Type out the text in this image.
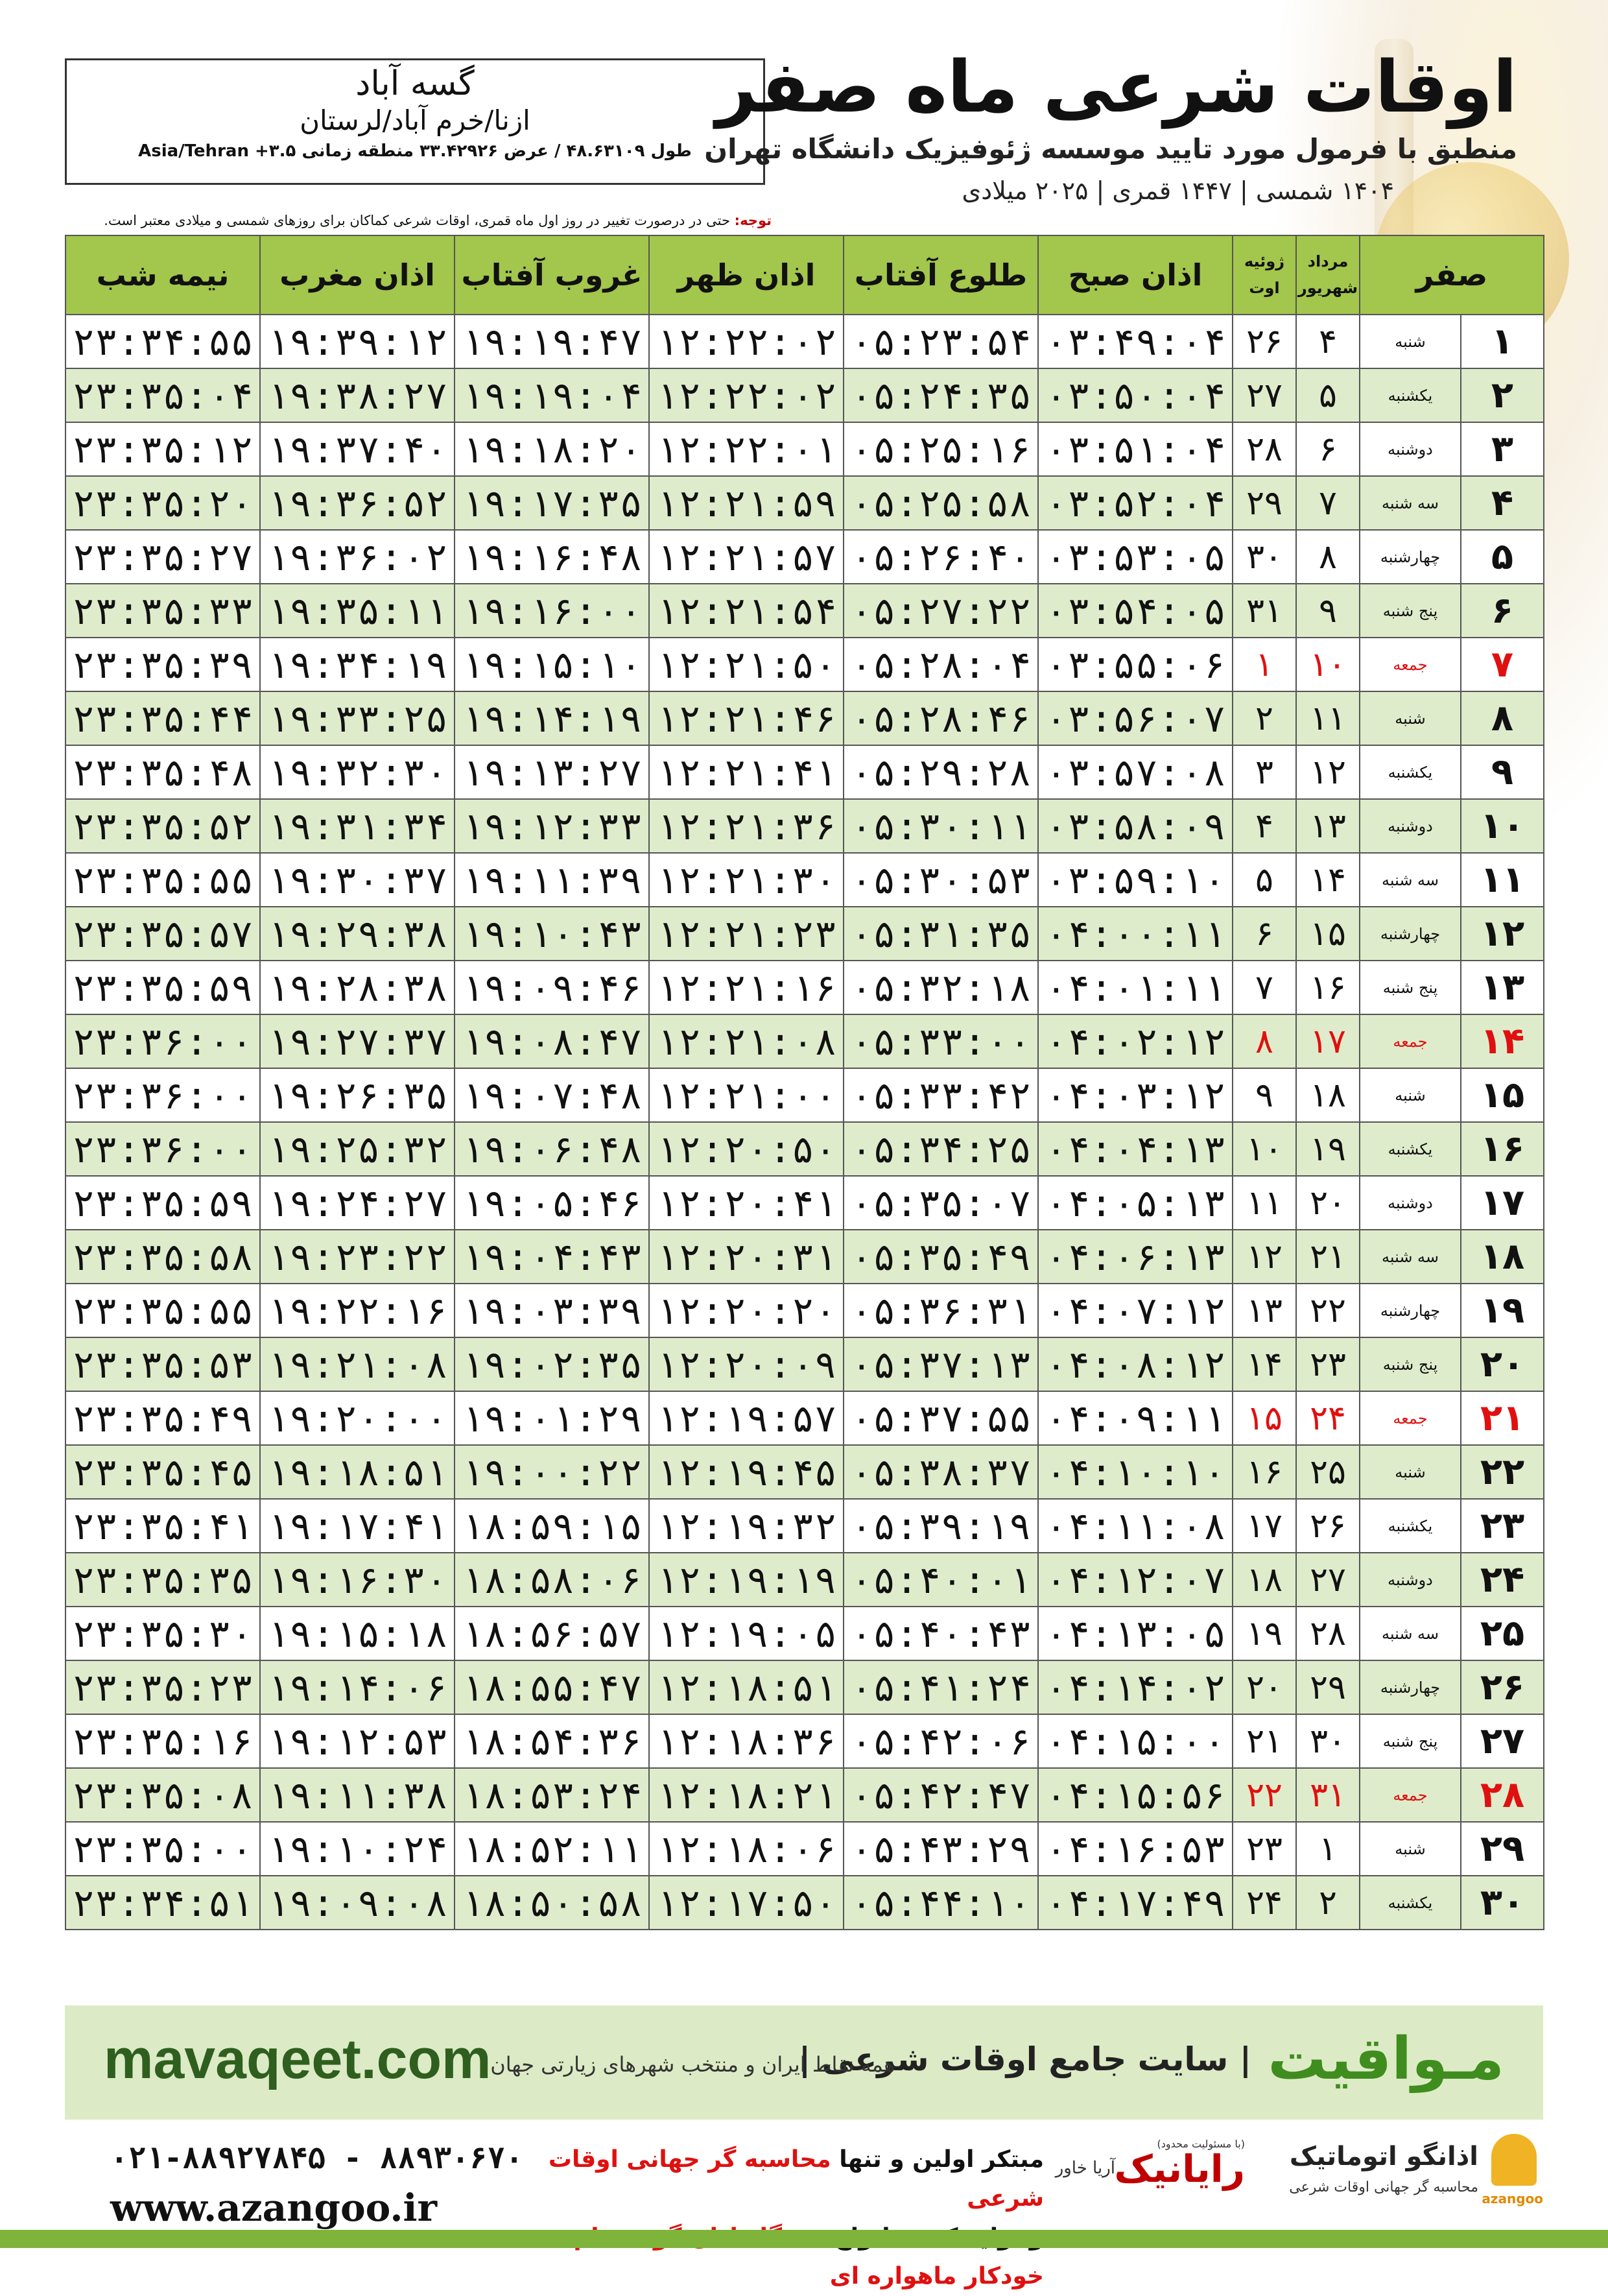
گسه آباد
ازنا/خرم آباد/لرستان
طول ۴۸.۶۳۱۰۹ / عرض ۳۳.۴۲۹۲۶ منطقه زمانی ۳.۵+ Asia/Tehran
اوقات شرعی ماه صفر
منطبق با فرمول مورد تایید موسسه ژئوفیزیک دانشگاه تهران
۱۴۰۴ شمسی | ۱۴۴۷ قمری | ۲۰۲۵ میلادی
توجه: حتی در درصورت تغییر در روز اول ماه قمری، اوقات شرعی کماکان برای روزهای شمسی و میلادی معتبر است.
صفر		مرداد شهریور	ژوئیه اوت	اذان صبح	طلوع آفتاب	اذان ظهر	غروب آفتاب	اذان مغرب	نیمه شب
۱	شنبه	۴	۲۶	۰۳:۴۹:۰۴	۰۵:۲۳:۵۴	۱۲:۲۲:۰۲	۱۹:۱۹:۴۷	۱۹:۳۹:۱۲	۲۳:۳۴:۵۵
۲	یکشنبه	۵	۲۷	۰۳:۵۰:۰۴	۰۵:۲۴:۳۵	۱۲:۲۲:۰۲	۱۹:۱۹:۰۴	۱۹:۳۸:۲۷	۲۳:۳۵:۰۴
۳	دوشنبه	۶	۲۸	۰۳:۵۱:۰۴	۰۵:۲۵:۱۶	۱۲:۲۲:۰۱	۱۹:۱۸:۲۰	۱۹:۳۷:۴۰	۲۳:۳۵:۱۲
۴	سه شنبه	۷	۲۹	۰۳:۵۲:۰۴	۰۵:۲۵:۵۸	۱۲:۲۱:۵۹	۱۹:۱۷:۳۵	۱۹:۳۶:۵۲	۲۳:۳۵:۲۰
۵	چهارشنبه	۸	۳۰	۰۳:۵۳:۰۵	۰۵:۲۶:۴۰	۱۲:۲۱:۵۷	۱۹:۱۶:۴۸	۱۹:۳۶:۰۲	۲۳:۳۵:۲۷
۶	پنج شنبه	۹	۳۱	۰۳:۵۴:۰۵	۰۵:۲۷:۲۲	۱۲:۲۱:۵۴	۱۹:۱۶:۰۰	۱۹:۳۵:۱۱	۲۳:۳۵:۳۳
۷	جمعه	۱۰	۱	۰۳:۵۵:۰۶	۰۵:۲۸:۰۴	۱۲:۲۱:۵۰	۱۹:۱۵:۱۰	۱۹:۳۴:۱۹	۲۳:۳۵:۳۹
۸	شنبه	۱۱	۲	۰۳:۵۶:۰۷	۰۵:۲۸:۴۶	۱۲:۲۱:۴۶	۱۹:۱۴:۱۹	۱۹:۳۳:۲۵	۲۳:۳۵:۴۴
۹	یکشنبه	۱۲	۳	۰۳:۵۷:۰۸	۰۵:۲۹:۲۸	۱۲:۲۱:۴۱	۱۹:۱۳:۲۷	۱۹:۳۲:۳۰	۲۳:۳۵:۴۸
۱۰	دوشنبه	۱۳	۴	۰۳:۵۸:۰۹	۰۵:۳۰:۱۱	۱۲:۲۱:۳۶	۱۹:۱۲:۳۳	۱۹:۳۱:۳۴	۲۳:۳۵:۵۲
۱۱	سه شنبه	۱۴	۵	۰۳:۵۹:۱۰	۰۵:۳۰:۵۳	۱۲:۲۱:۳۰	۱۹:۱۱:۳۹	۱۹:۳۰:۳۷	۲۳:۳۵:۵۵
۱۲	چهارشنبه	۱۵	۶	۰۴:۰۰:۱۱	۰۵:۳۱:۳۵	۱۲:۲۱:۲۳	۱۹:۱۰:۴۳	۱۹:۲۹:۳۸	۲۳:۳۵:۵۷
۱۳	پنج شنبه	۱۶	۷	۰۴:۰۱:۱۱	۰۵:۳۲:۱۸	۱۲:۲۱:۱۶	۱۹:۰۹:۴۶	۱۹:۲۸:۳۸	۲۳:۳۵:۵۹
۱۴	جمعه	۱۷	۸	۰۴:۰۲:۱۲	۰۵:۳۳:۰۰	۱۲:۲۱:۰۸	۱۹:۰۸:۴۷	۱۹:۲۷:۳۷	۲۳:۳۶:۰۰
۱۵	شنبه	۱۸	۹	۰۴:۰۳:۱۲	۰۵:۳۳:۴۲	۱۲:۲۱:۰۰	۱۹:۰۷:۴۸	۱۹:۲۶:۳۵	۲۳:۳۶:۰۰
۱۶	یکشنبه	۱۹	۱۰	۰۴:۰۴:۱۳	۰۵:۳۴:۲۵	۱۲:۲۰:۵۰	۱۹:۰۶:۴۸	۱۹:۲۵:۳۲	۲۳:۳۶:۰۰
۱۷	دوشنبه	۲۰	۱۱	۰۴:۰۵:۱۳	۰۵:۳۵:۰۷	۱۲:۲۰:۴۱	۱۹:۰۵:۴۶	۱۹:۲۴:۲۷	۲۳:۳۵:۵۹
۱۸	سه شنبه	۲۱	۱۲	۰۴:۰۶:۱۳	۰۵:۳۵:۴۹	۱۲:۲۰:۳۱	۱۹:۰۴:۴۳	۱۹:۲۳:۲۲	۲۳:۳۵:۵۸
۱۹	چهارشنبه	۲۲	۱۳	۰۴:۰۷:۱۲	۰۵:۳۶:۳۱	۱۲:۲۰:۲۰	۱۹:۰۳:۳۹	۱۹:۲۲:۱۶	۲۳:۳۵:۵۵
۲۰	پنج شنبه	۲۳	۱۴	۰۴:۰۸:۱۲	۰۵:۳۷:۱۳	۱۲:۲۰:۰۹	۱۹:۰۲:۳۵	۱۹:۲۱:۰۸	۲۳:۳۵:۵۳
۲۱	جمعه	۲۴	۱۵	۰۴:۰۹:۱۱	۰۵:۳۷:۵۵	۱۲:۱۹:۵۷	۱۹:۰۱:۲۹	۱۹:۲۰:۰۰	۲۳:۳۵:۴۹
۲۲	شنبه	۲۵	۱۶	۰۴:۱۰:۱۰	۰۵:۳۸:۳۷	۱۲:۱۹:۴۵	۱۹:۰۰:۲۲	۱۹:۱۸:۵۱	۲۳:۳۵:۴۵
۲۳	یکشنبه	۲۶	۱۷	۰۴:۱۱:۰۸	۰۵:۳۹:۱۹	۱۲:۱۹:۳۲	۱۸:۵۹:۱۵	۱۹:۱۷:۴۱	۲۳:۳۵:۴۱
۲۴	دوشنبه	۲۷	۱۸	۰۴:۱۲:۰۷	۰۵:۴۰:۰۱	۱۲:۱۹:۱۹	۱۸:۵۸:۰۶	۱۹:۱۶:۳۰	۲۳:۳۵:۳۵
۲۵	سه شنبه	۲۸	۱۹	۰۴:۱۳:۰۵	۰۵:۴۰:۴۳	۱۲:۱۹:۰۵	۱۸:۵۶:۵۷	۱۹:۱۵:۱۸	۲۳:۳۵:۳۰
۲۶	چهارشنبه	۲۹	۲۰	۰۴:۱۴:۰۲	۰۵:۴۱:۲۴	۱۲:۱۸:۵۱	۱۸:۵۵:۴۷	۱۹:۱۴:۰۶	۲۳:۳۵:۲۳
۲۷	پنج شنبه	۳۰	۲۱	۰۴:۱۵:۰۰	۰۵:۴۲:۰۶	۱۲:۱۸:۳۶	۱۸:۵۴:۳۶	۱۹:۱۲:۵۳	۲۳:۳۵:۱۶
۲۸	جمعه	۳۱	۲۲	۰۴:۱۵:۵۶	۰۵:۴۲:۴۷	۱۲:۱۸:۲۱	۱۸:۵۳:۲۴	۱۹:۱۱:۳۸	۲۳:۳۵:۰۸
۲۹	شنبه	۱	۲۳	۰۴:۱۶:۵۳	۰۵:۴۳:۲۹	۱۲:۱۸:۰۶	۱۸:۵۲:۱۱	۱۹:۱۰:۲۴	۲۳:۳۵:۰۰
۳۰	یکشنبه	۲	۲۴	۰۴:۱۷:۴۹	۰۵:۴۴:۱۰	۱۲:۱۷:۵۰	۱۸:۵۰:۵۸	۱۹:۰۹:۰۸	۲۳:۳۴:۵۱
mavaqeet.com	مـواقیت
| سایت جامع اوقات شرعی |
همه نقاط ایران و منتخب شهرهای زیارتی جهان
۰۲۱-۸۸۹۲۷۸۴۵ - ۸۸۹۳۰۶۷۰
www.azangoo.ir
مبتکر اولین و تنها محاسبه گر جهانی اوقات شرعی
خودکار ماهواره ای
(با مسئولیت محدود)
رایانیک
آریا خاور	اذانگو اتوماتیک
محاسبه گر جهانی اوقات شرعی
azangoo
